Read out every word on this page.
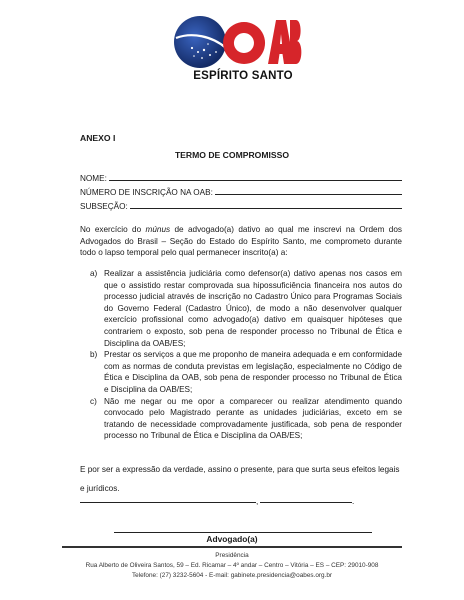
ESPÍRITO SANTO
ANEXO I
TERMO DE COMPROMISSO
NOME:
NÚMERO DE INSCRIÇÃO NA OAB:
SUBSEÇÃO:
No exercício do múnus de advogado(a) dativo ao qual me inscrevi na Ordem dos Advogados do Brasil – Seção do Estado do Espírito Santo, me comprometo durante todo o lapso temporal pelo qual permanecer inscrito(a) a:
a) Realizar a assistência judiciária como defensor(a) dativo apenas nos casos em que o assistido restar comprovada sua hipossuficiência financeira nos autos do processo judicial através de inscrição no Cadastro Único para Programas Sociais do Governo Federal (Cadastro Único), de modo a não desenvolver qualquer exercício profissional como advogado(a) dativo em quaisquer hipóteses que contrariem o exposto, sob pena de responder processo no Tribunal de Ética e Disciplina da OAB/ES;
b) Prestar os serviços a que me proponho de maneira adequada e em conformidade com as normas de conduta previstas em legislação, especialmente no Código de Ética e Disciplina da OAB, sob pena de responder processo no Tribunal de Ética e Disciplina da OAB/ES;
c) Não me negar ou me opor a comparecer ou realizar atendimento quando convocado pelo Magistrado perante as unidades judiciárias, exceto em se tratando de necessidade comprovadamente justificada, sob pena de responder processo no Tribunal de Ética e Disciplina da OAB/ES;
E por ser a expressão da verdade, assino o presente, para que surta seus efeitos legais e jurídicos.
,	.
Advogado(a)
Presidência
Rua Alberto de Oliveira Santos, 59 – Ed. Ricamar – 4º andar – Centro – Vitória – ES – CEP: 29010-908
Telefone: (27) 3232-5604 - E-mail: gabinete.presidencia@oabes.org.br
